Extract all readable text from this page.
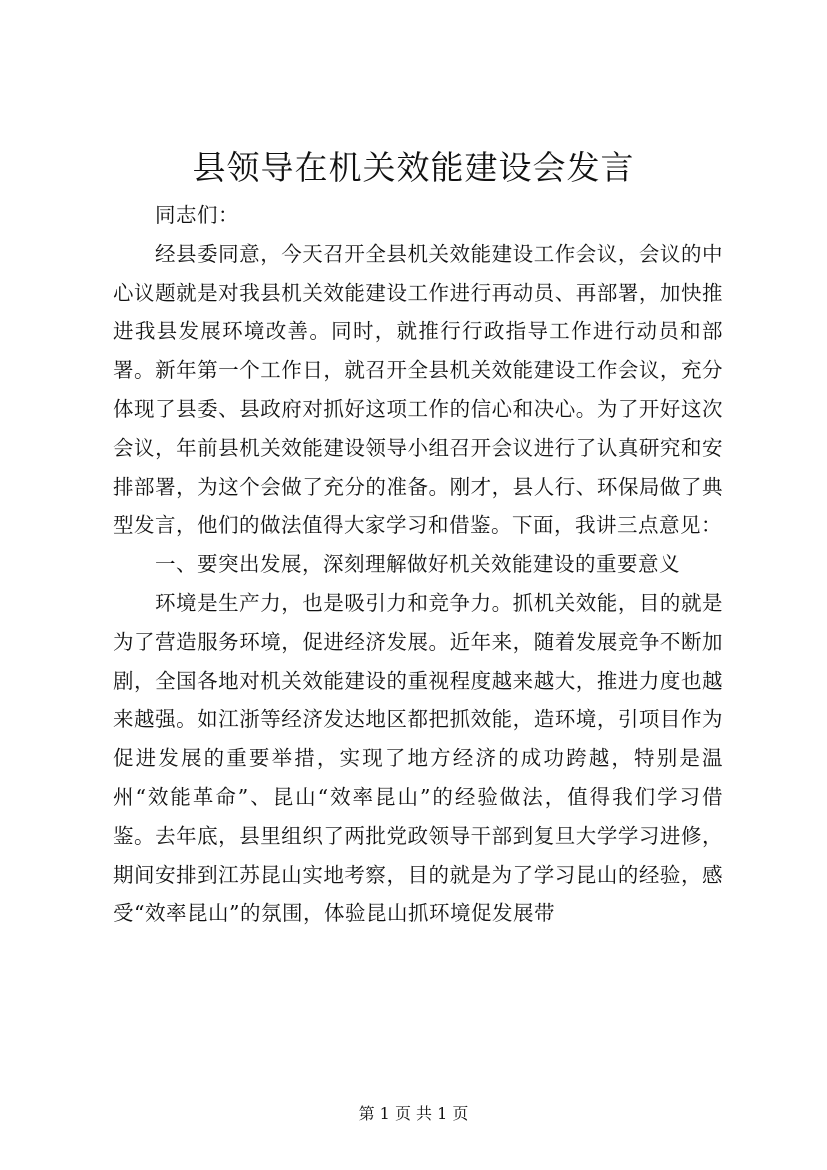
县领导在机关效能建设会发言

同志们：

经县委同意，今天召开全县机关效能建设工作会议，会议的中心议题就是对我县机关效能建设工作进行再动员、再部署，加快推进我县发展环境改善。同时，就推行行政指导工作进行动员和部署。新年第一个工作日，就召开全县机关效能建设工作会议，充分体现了县委、县政府对抓好这项工作的信心和决心。为了开好这次会议，年前县机关效能建设领导小组召开会议进行了认真研究和安排部署，为这个会做了充分的准备。刚才，县人行、环保局做了典型发言，他们的做法值得大家学习和借鉴。下面，我讲三点意见：

一、要突出发展，深刻理解做好机关效能建设的重要意义

环境是生产力，也是吸引力和竞争力。抓机关效能，目的就是为了营造服务环境，促进经济发展。近年来，随着发展竞争不断加剧，全国各地对机关效能建设的重视程度越来越大，推进力度也越来越强。如江浙等经济发达地区都把抓效能，造环境，引项目作为促进发展的重要举措，实现了地方经济的成功跨越，特别是温州“效能革命”、昆山“效率昆山”的经验做法，值得我们学习借鉴。去年底，县里组织了两批党政领导干部到复旦大学学习进修，期间安排到江苏昆山实地考察，目的就是为了学习昆山的经验，感受“效率昆山”的氛围，体验昆山抓环境促发展带

第 1 页 共 1 页
